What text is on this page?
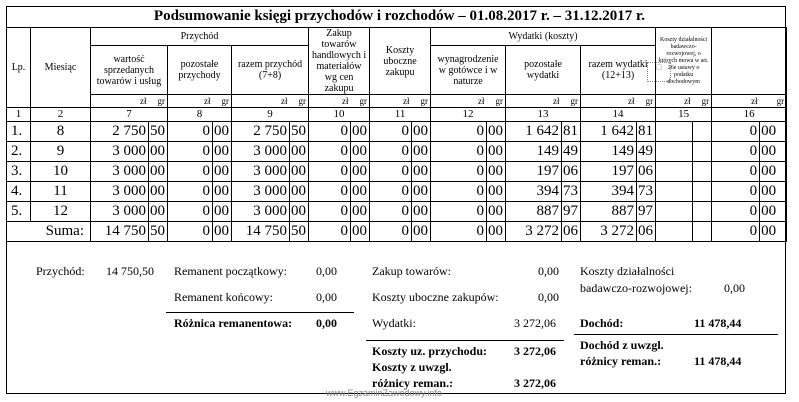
Podsumowanie księgi przychodów i rozchodów – 01.08.2017 r. – 31.12.2017 r.
Lp.	Miesiąc	Przychód						Zakup towarów handlowych i materiałów wg cen zakupu		Koszty uboczne zakupu		Wydatki (koszty)						Koszty działalności badawczo-rozwojowej, o których mowa w art. 26e ustawy o podatku dochodowym			
		wartość sprzedanych towarów i usług		pozostałe przychody		razem przychód (7+8)						wynagrodzenie w gotówce i w naturze		pozostałe wydatki		razem wydatki (12+13)					
		zł	gr	zł	gr	zł	gr	zł	gr	zł	gr	zł	gr	zł	gr	zł	gr	zł	gr	zł	gr
1	2	7		8		9		10		11		12		13		14		15		16	
1.	8	2 750	50	0	00	2 750	50	0	00	0	00	0	00	1 642	81	1 642	81			0	00
2.	9	3 000	00	0	00	3 000	00	0	00	0	00	0	00	149	49	149	49			0	00
3.	10	3 000	00	0	00	3 000	00	0	00	0	00	0	00	197	06	197	06			0	00
4.	11	3 000	00	0	00	3 000	00	0	00	0	00	0	00	394	73	394	73			0	00
5.	12	3 000	00	0	00	3 000	00	0	00	0	00	0	00	887	97	887	97			0	00
Suma:		14 750	50	0	00	14 750	50	0	00	0	00	0	00	3 272	06	3 272	06			0	00
▢
Przychód: 14 750,50 Remanent początkowy: 0,00
Remanent końcowy:	0,00
Różnica remanentowa: 0,00
Zakup towarów:	0,00
Koszty uboczne zakupów:	0,00
Wydatki:	3 272,06
Koszty uz. przychodu: 3 272,06
Koszty z uwzgl.
różnicy reman.:	3 272,06
Koszty działalności
badawczo-rozwojowej:	0,00
Dochód:	11 478,44
Dochód z uwzgl.
różnicy reman.:	11 478,44
www.EgzaminZawodowy.info
